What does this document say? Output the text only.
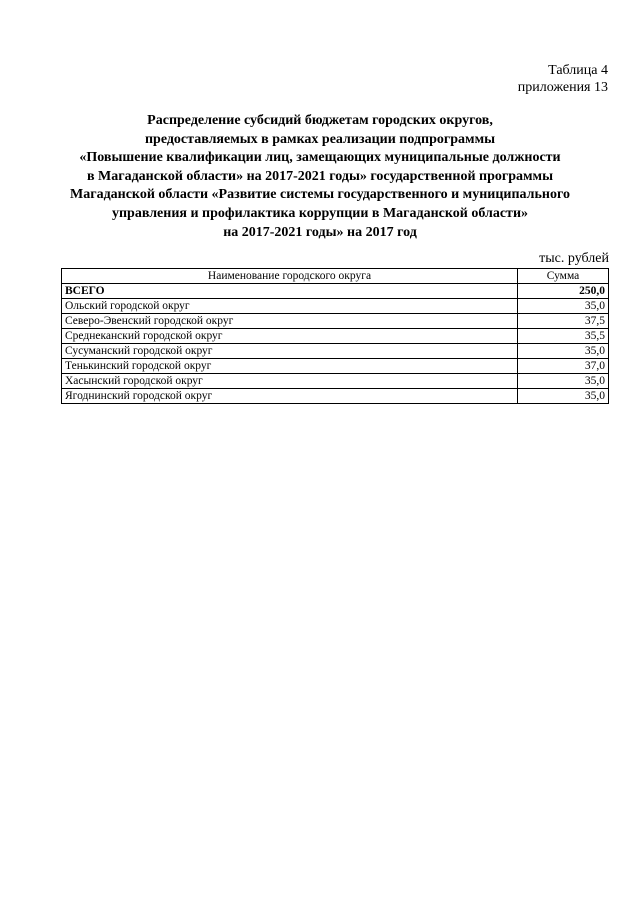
Таблица 4
приложения 13
Распределение субсидий бюджетам городских округов,
предоставляемых в рамках реализации подпрограммы
«Повышение квалификации лиц, замещающих муниципальные должности
в Магаданской области» на 2017-2021 годы» государственной программы
Магаданской области «Развитие системы государственного и муниципального
управления и профилактика коррупции в Магаданской области»
на 2017-2021 годы» на 2017 год
тыс. рублей
Наименование городского округа	Сумма
ВСЕГО	250,0
Ольский городской округ	35,0
Северо-Эвенский городской округ	37,5
Среднеканский городской округ	35,5
Сусуманский городской округ	35,0
Тенькинский городской округ	37,0
Хасынский городской округ	35,0
Ягоднинский городской округ	35,0
